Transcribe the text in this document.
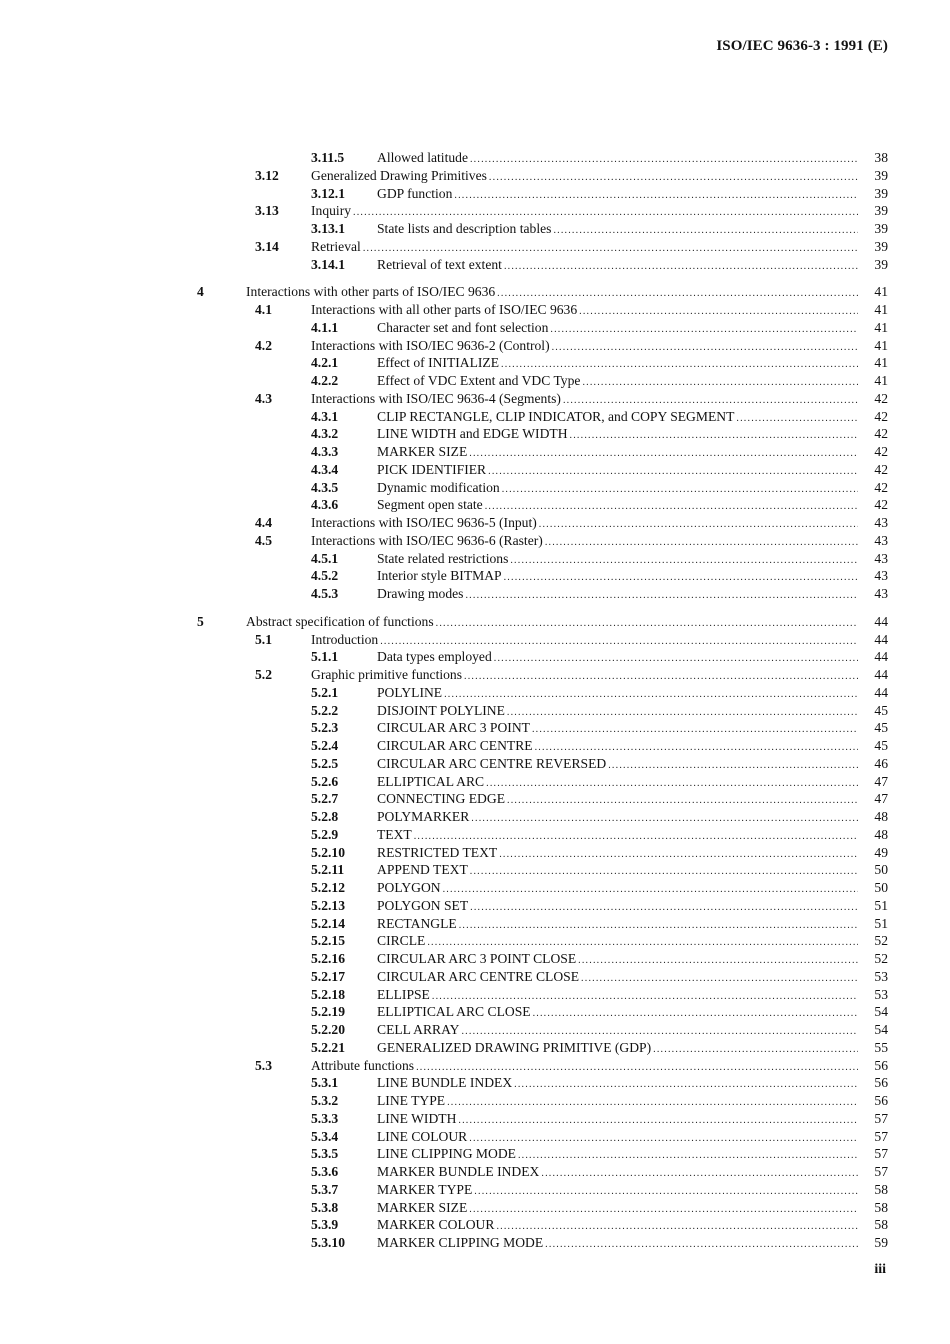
ISO/IEC 9636-3 : 1991 (E)
3.11.5 Allowed latitude .....	38
3.12 Generalized Drawing Primitives .....	39
3.12.1 GDP function .....	39
3.13 Inquiry .....	39
3.13.1 State lists and description tables .....	39
3.14 Retrieval .....	39
3.14.1 Retrieval of text extent .....	39
4	Interactions with other parts of ISO/IEC 9636 .....	41
4.1	Interactions with all other parts of ISO/IEC 9636 .....	41
4.1.1	Character set and font selection .....	41
4.2	Interactions with ISO/IEC 9636-2 (Control) .....	41
4.2.1	Effect of INITIALIZE .....	41
4.2.2	Effect of VDC Extent and VDC Type .....	41
4.3	Interactions with ISO/IEC 9636-4 (Segments) .....	42
4.3.1	CLIP RECTANGLE, CLIP INDICATOR, and COPY SEGMENT .....	42
4.3.2	LINE WIDTH and EDGE WIDTH .....	42
4.3.3	MARKER SIZE .....	42
4.3.4	PICK IDENTIFIER .....	42
4.3.5	Dynamic modification .....	42
4.3.6	Segment open state .....	42
4.4	Interactions with ISO/IEC 9636-5 (Input) .....	43
4.5	Interactions with ISO/IEC 9636-6 (Raster) .....	43
4.5.1	State related restrictions .....	43
4.5.2	Interior style BITMAP .....	43
4.5.3	Drawing modes .....	43
5	Abstract specification of functions .....	44
5.1	Introduction .....	44
5.1.1	Data types employed .....	44
5.2	Graphic primitive functions .....	44
5.2.1	POLYLINE .....	44
5.2.2	DISJOINT POLYLINE .....	45
5.2.3	CIRCULAR ARC 3 POINT .....	45
5.2.4	CIRCULAR ARC CENTRE .....	45
5.2.5	CIRCULAR ARC CENTRE REVERSED .....	46
5.2.6	ELLIPTICAL ARC .....	47
5.2.7	CONNECTING EDGE .....	47
5.2.8	POLYMARKER .....	48
5.2.9	TEXT .....	48
5.2.10 RESTRICTED TEXT .....	49
5.2.11 APPEND TEXT .....	50
5.2.12 POLYGON .....	50
5.2.13 POLYGON SET .....	51
5.2.14 RECTANGLE .....	51
5.2.15 CIRCLE .....	52
5.2.16 CIRCULAR ARC 3 POINT CLOSE .....	52
5.2.17 CIRCULAR ARC CENTRE CLOSE .....	53
5.2.18 ELLIPSE .....	53
5.2.19 ELLIPTICAL ARC CLOSE .....	54
5.2.20 CELL ARRAY .....	54
5.2.21 GENERALIZED DRAWING PRIMITIVE (GDP) .....	55
5.3	Attribute functions .....	56
5.3.1	LINE BUNDLE INDEX .....	56
5.3.2	LINE TYPE .....	56
5.3.3	LINE WIDTH .....	57
5.3.4	LINE COLOUR .....	57
5.3.5	LINE CLIPPING MODE .....	57
5.3.6	MARKER BUNDLE INDEX .....	57
5.3.7	MARKER TYPE .....	58
5.3.8	MARKER SIZE .....	58
5.3.9	MARKER COLOUR .....	58
5.3.10 MARKER CLIPPING MODE .....	59
iii
